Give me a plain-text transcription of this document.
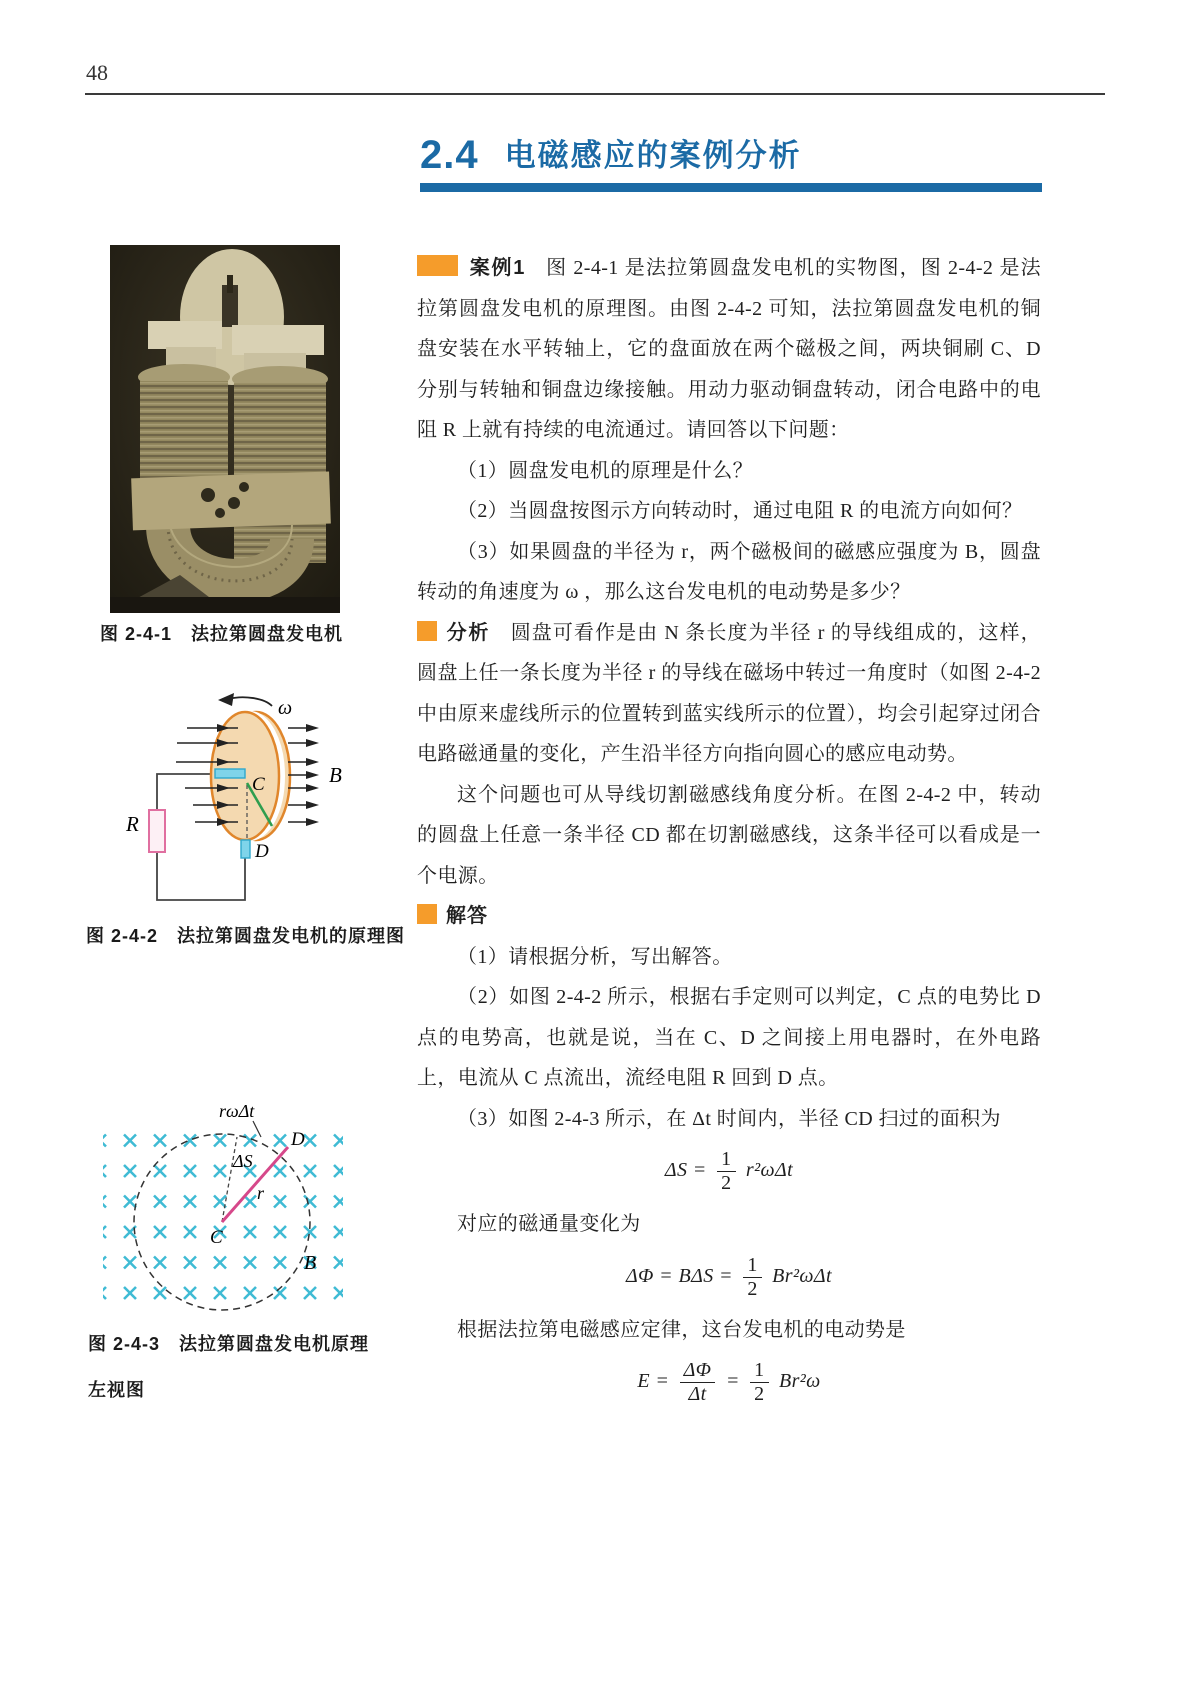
48
2.4 电磁感应的案例分析
图 2-4-1　法拉第圆盘发电机
ω
B
C
D
R
图 2-4-2　法拉第圆盘发电机的原理图
rωΔt
ΔS
r
C
D
B
图 2-4-3　法拉第圆盘发电机原理
左视图

案例1 图 2-4-1 是法拉第圆盘发电机的实物图，图 2-4-2 是法拉第圆盘发电机的原理图。由图 2-4-2 可知，法拉第圆盘发电机的铜盘安装在水平转轴上，它的盘面放在两个磁极之间，两块铜刷 C、D 分别与转轴和铜盘边缘接触。用动力驱动铜盘转动，闭合电路中的电阻 R 上就有持续的电流通过。请回答以下问题：

（1）圆盘发电机的原理是什么？

（2）当圆盘按图示方向转动时，通过电阻 R 的电流方向如何？

（3）如果圆盘的半径为 r，两个磁极间的磁感应强度为 B，圆盘转动的角速度为 ω ，那么这台发电机的电动势是多少？

分析 圆盘可看作是由 N 条长度为半径 r 的导线组成的，这样，圆盘上任一条长度为半径 r 的导线在磁场中转过一角度时（如图 2-4-2 中由原来虚线所示的位置转到蓝实线所示的位置），均会引起穿过闭合电路磁通量的变化，产生沿半径方向指向圆心的感应电动势。

这个问题也可从导线切割磁感线角度分析。在图 2-4-2 中，转动的圆盘上任意一条半径 CD 都在切割磁感线，这条半径可以看成是一个电源。

解答

（1）请根据分析，写出解答。

（2）如图 2-4-2 所示，根据右手定则可以判定，C 点的电势比 D 点的电势高，也就是说，当在 C、D 之间接上用电器时，在外电路上，电流从 C 点流出，流经电阻 R 回到 D 点。

（3）如图 2-4-3 所示，在 Δt 时间内，半径 CD 扫过的面积为

$\Delta S = \frac{1}{2} r^2\omega\Delta t$

对应的磁通量变化为

$\Delta\Phi = B\Delta S = \frac{1}{2} Br^2\omega\Delta t$

根据法拉第电磁感应定律，这台发电机的电动势是

$E = \frac{\Delta\Phi}{\Delta t} = \frac{1}{2} Br^2\omega$
